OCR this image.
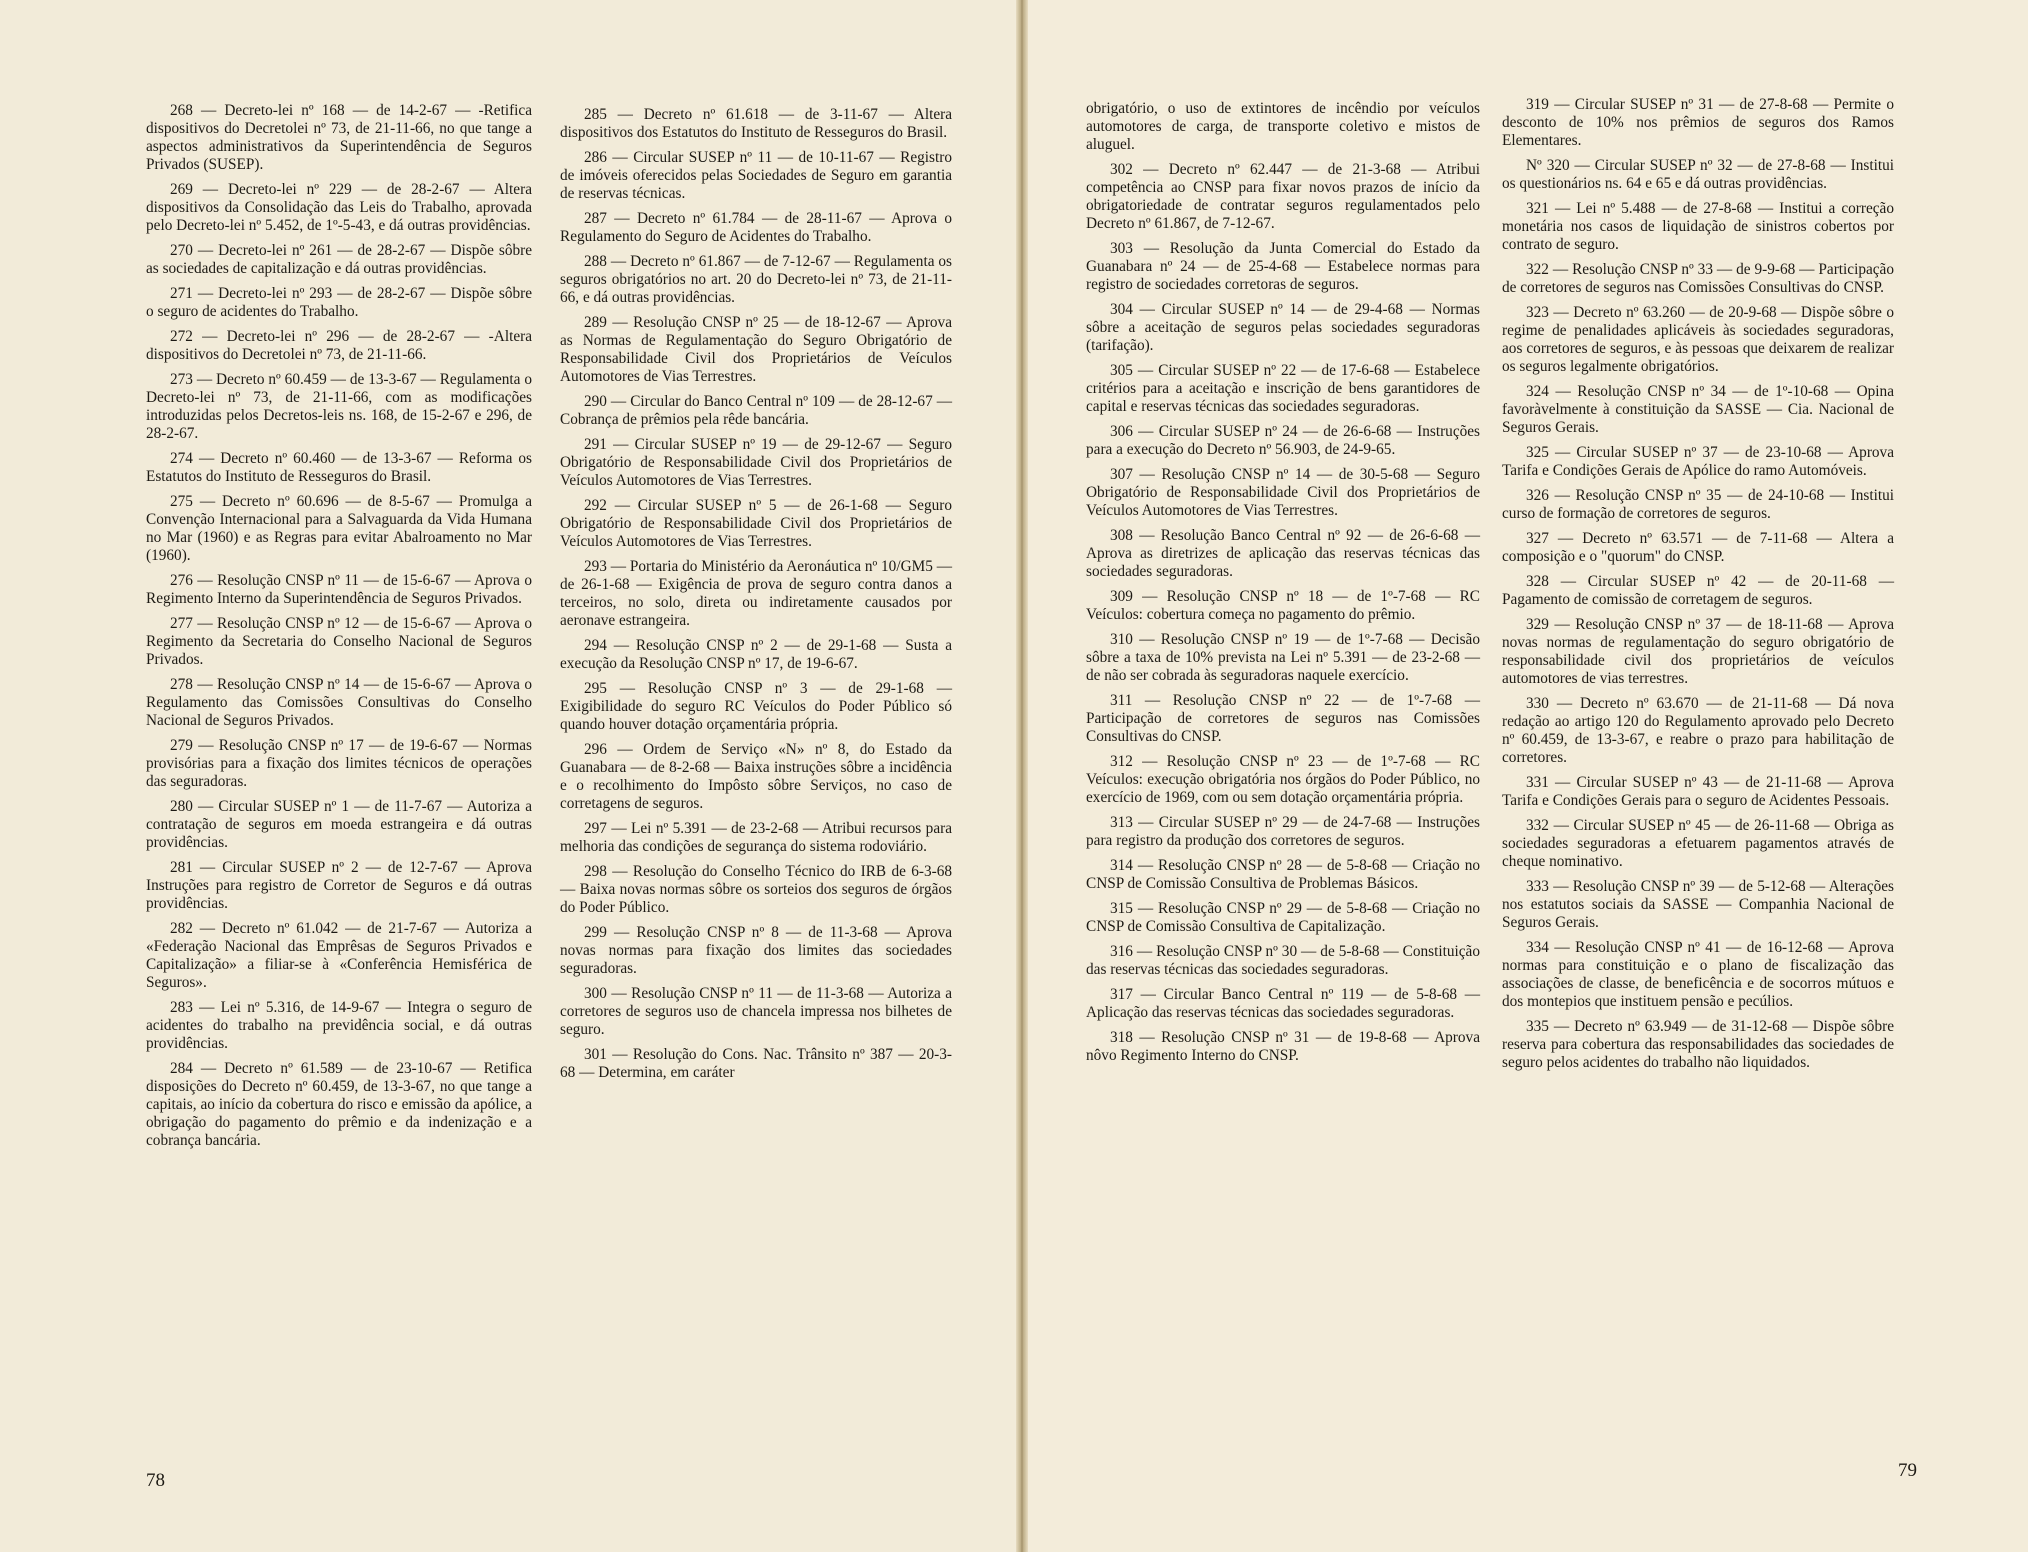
268 — Decreto-lei nº 168 — de 14-2-67 — -Retifica dispositivos do Decretolei nº 73, de 21-11-66, no que tange a aspectos administrativos da Superintendência de Seguros Privados (SUSEP).

269 — Decreto-lei nº 229 — de 28-2-67 — Altera dispositivos da Consolidação das Leis do Trabalho, aprovada pelo Decreto-lei nº 5.452, de 1º-5-43, e dá outras providências.

270 — Decreto-lei nº 261 — de 28-2-67 — Dispõe sôbre as sociedades de capitalização e dá outras providências.

271 — Decreto-lei nº 293 — de 28-2-67 — Dispõe sôbre o seguro de acidentes do Trabalho.

272 — Decreto-lei nº 296 — de 28-2-67 — -Altera dispositivos do Decretolei nº 73, de 21-11-66.

273 — Decreto nº 60.459 — de 13-3-67 — Regulamenta o Decreto-lei nº 73, de 21-11-66, com as modificações introduzidas pelos Decretos-leis ns. 168, de 15-2-67 e 296, de 28-2-67.

274 — Decreto nº 60.460 — de 13-3-67 — Reforma os Estatutos do Instituto de Resseguros do Brasil.

275 — Decreto nº 60.696 — de 8-5-67 — Promulga a Convenção Internacional para a Salvaguarda da Vida Humana no Mar (1960) e as Regras para evitar Abalroamento no Mar (1960).

276 — Resolução CNSP nº 11 — de 15-6-67 — Aprova o Regimento Interno da Superintendência de Seguros Privados.

277 — Resolução CNSP nº 12 — de 15-6-67 — Aprova o Regimento da Secretaria do Conselho Nacional de Seguros Privados.

278 — Resolução CNSP nº 14 — de 15-6-67 — Aprova o Regulamento das Comissões Consultivas do Conselho Nacional de Seguros Privados.

279 — Resolução CNSP nº 17 — de 19-6-67 — Normas provisórias para a fixação dos limites técnicos de operações das seguradoras.

280 — Circular SUSEP nº 1 — de 11-7-67 — Autoriza a contratação de seguros em moeda estrangeira e dá outras providências.

281 — Circular SUSEP nº 2 — de 12-7-67 — Aprova Instruções para registro de Corretor de Seguros e dá outras providências.

282 — Decreto nº 61.042 — de 21-7-67 — Autoriza a «Federação Nacional das Emprêsas de Seguros Privados e Capitalização» a filiar-se à «Conferência Hemisférica de Seguros».

283 — Lei nº 5.316, de 14-9-67 — Integra o seguro de acidentes do trabalho na previdência social, e dá outras providências.

284 — Decreto nº 61.589 — de 23-10-67 — Retifica disposições do Decreto nº 60.459, de 13-3-67, no que tange a capitais, ao início da cobertura do risco e emissão da apólice, a obrigação do pagamento do prêmio e da indenização e a cobrança bancária.

285 — Decreto nº 61.618 — de 3-11-67 — Altera dispositivos dos Estatutos do Instituto de Resseguros do Brasil.

286 — Circular SUSEP nº 11 — de 10-11-67 — Registro de imóveis oferecidos pelas Sociedades de Seguro em garantia de reservas técnicas.

287 — Decreto nº 61.784 — de 28-11-67 — Aprova o Regulamento do Seguro de Acidentes do Trabalho.

288 — Decreto nº 61.867 — de 7-12-67 — Regulamenta os seguros obrigatórios no art. 20 do Decreto-lei nº 73, de 21-11-66, e dá outras providências.

289 — Resolução CNSP nº 25 — de 18-12-67 — Aprova as Normas de Regulamentação do Seguro Obrigatório de Responsabilidade Civil dos Proprietários de Veículos Automotores de Vias Terrestres.

290 — Circular do Banco Central nº 109 — de 28-12-67 — Cobrança de prêmios pela rêde bancária.

291 — Circular SUSEP nº 19 — de 29-12-67 — Seguro Obrigatório de Responsabilidade Civil dos Proprietários de Veículos Automotores de Vias Terrestres.

292 — Circular SUSEP nº 5 — de 26-1-68 — Seguro Obrigatório de Responsabilidade Civil dos Proprietários de Veículos Automotores de Vias Terrestres.

293 — Portaria do Ministério da Aeronáutica nº 10/GM5 — de 26-1-68 — Exigência de prova de seguro contra danos a terceiros, no solo, direta ou indiretamente causados por aeronave estrangeira.

294 — Resolução CNSP nº 2 — de 29-1-68 — Susta a execução da Resolução CNSP nº 17, de 19-6-67.

295 — Resolução CNSP nº 3 — de 29-1-68 — Exigibilidade do seguro RC Veículos do Poder Público só quando houver dotação orçamentária própria.

296 — Ordem de Serviço «N» nº 8, do Estado da Guanabara — de 8-2-68 — Baixa instruções sôbre a incidência e o recolhimento do Impôsto sôbre Serviços, no caso de corretagens de seguros.

297 — Lei nº 5.391 — de 23-2-68 — Atribui recursos para melhoria das condições de segurança do sistema rodoviário.

298 — Resolução do Conselho Técnico do IRB de 6-3-68 — Baixa novas normas sôbre os sorteios dos seguros de órgãos do Poder Público.

299 — Resolução CNSP nº 8 — de 11-3-68 — Aprova novas normas para fixação dos limites das sociedades seguradoras.

300 — Resolução CNSP nº 11 — de 11-3-68 — Autoriza a corretores de seguros uso de chancela impressa nos bilhetes de seguro.

301 — Resolução do Cons. Nac. Trânsito nº 387 — 20-3-68 — Determina, em caráter

78

obrigatório, o uso de extintores de incêndio por veículos automotores de carga, de transporte coletivo e mistos de aluguel.

302 — Decreto nº 62.447 — de 21-3-68 — Atribui competência ao CNSP para fixar novos prazos de início da obrigatoriedade de contratar seguros regulamentados pelo Decreto nº 61.867, de 7-12-67.

303 — Resolução da Junta Comercial do Estado da Guanabara nº 24 — de 25-4-68 — Estabelece normas para registro de sociedades corretoras de seguros.

304 — Circular SUSEP nº 14 — de 29-4-68 — Normas sôbre a aceitação de seguros pelas sociedades seguradoras (tarifação).

305 — Circular SUSEP nº 22 — de 17-6-68 — Estabelece critérios para a aceitação e inscrição de bens garantidores de capital e reservas técnicas das sociedades seguradoras.

306 — Circular SUSEP nº 24 — de 26-6-68 — Instruções para a execução do Decreto nº 56.903, de 24-9-65.

307 — Resolução CNSP nº 14 — de 30-5-68 — Seguro Obrigatório de Responsabilidade Civil dos Proprietários de Veículos Automotores de Vias Terrestres.

308 — Resolução Banco Central nº 92 — de 26-6-68 — Aprova as diretrizes de aplicação das reservas técnicas das sociedades seguradoras.

309 — Resolução CNSP nº 18 — de 1º-7-68 — RC Veículos: cobertura começa no pagamento do prêmio.

310 — Resolução CNSP nº 19 — de 1º-7-68 — Decisão sôbre a taxa de 10% prevista na Lei nº 5.391 — de 23-2-68 — de não ser cobrada às seguradoras naquele exercício.

311 — Resolução CNSP nº 22 — de 1º-7-68 — Participação de corretores de seguros nas Comissões Consultivas do CNSP.

312 — Resolução CNSP nº 23 — de 1º-7-68 — RC Veículos: execução obrigatória nos órgãos do Poder Público, no exercício de 1969, com ou sem dotação orçamentária própria.

313 — Circular SUSEP nº 29 — de 24-7-68 — Instruções para registro da produção dos corretores de seguros.

314 — Resolução CNSP nº 28 — de 5-8-68 — Criação no CNSP de Comissão Consultiva de Problemas Básicos.

315 — Resolução CNSP nº 29 — de 5-8-68 — Criação no CNSP de Comissão Consultiva de Capitalização.

316 — Resolução CNSP nº 30 — de 5-8-68 — Constituição das reservas técnicas das sociedades seguradoras.

317 — Circular Banco Central nº 119 — de 5-8-68 — Aplicação das reservas técnicas das sociedades seguradoras.

318 — Resolução CNSP nº 31 — de 19-8-68 — Aprova nôvo Regimento Interno do CNSP.

319 — Circular SUSEP nº 31 — de 27-8-68 — Permite o desconto de 10% nos prêmios de seguros dos Ramos Elementares.

Nº 320 — Circular SUSEP nº 32 — de 27-8-68 — Institui os questionários ns. 64 e 65 e dá outras providências.

321 — Lei nº 5.488 — de 27-8-68 — Institui a correção monetária nos casos de liquidação de sinistros cobertos por contrato de seguro.

322 — Resolução CNSP nº 33 — de 9-9-68 — Participação de corretores de seguros nas Comissões Consultivas do CNSP.

323 — Decreto nº 63.260 — de 20-9-68 — Dispõe sôbre o regime de penalidades aplicáveis às sociedades seguradoras, aos corretores de seguros, e às pessoas que deixarem de realizar os seguros legalmente obrigatórios.

324 — Resolução CNSP nº 34 — de 1º-10-68 — Opina favoràvelmente à constituição da SASSE — Cia. Nacional de Seguros Gerais.

325 — Circular SUSEP nº 37 — de 23-10-68 — Aprova Tarifa e Condições Gerais de Apólice do ramo Automóveis.

326 — Resolução CNSP nº 35 — de 24-10-68 — Institui curso de formação de corretores de seguros.

327 — Decreto nº 63.571 — de 7-11-68 — Altera a composição e o "quorum" do CNSP.

328 — Circular SUSEP nº 42 — de 20-11-68 — Pagamento de comissão de corretagem de seguros.

329 — Resolução CNSP nº 37 — de 18-11-68 — Aprova novas normas de regulamentação do seguro obrigatório de responsabilidade civil dos proprietários de veículos automotores de vias terrestres.

330 — Decreto nº 63.670 — de 21-11-68 — Dá nova redação ao artigo 120 do Regulamento aprovado pelo Decreto nº 60.459, de 13-3-67, e reabre o prazo para habilitação de corretores.

331 — Circular SUSEP nº 43 — de 21-11-68 — Aprova Tarifa e Condições Gerais para o seguro de Acidentes Pessoais.

332 — Circular SUSEP nº 45 — de 26-11-68 — Obriga as sociedades seguradoras a efetuarem pagamentos através de cheque nominativo.

333 — Resolução CNSP nº 39 — de 5-12-68 — Alterações nos estatutos sociais da SASSE — Companhia Nacional de Seguros Gerais.

334 — Resolução CNSP nº 41 — de 16-12-68 — Aprova normas para constituição e o plano de fiscalização das associações de classe, de beneficência e de socorros mútuos e dos montepios que instituem pensão e pecúlios.

335 — Decreto nº 63.949 — de 31-12-68 — Dispõe sôbre reserva para cobertura das responsabilidades das sociedades de seguro pelos acidentes do trabalho não liquidados.

79
